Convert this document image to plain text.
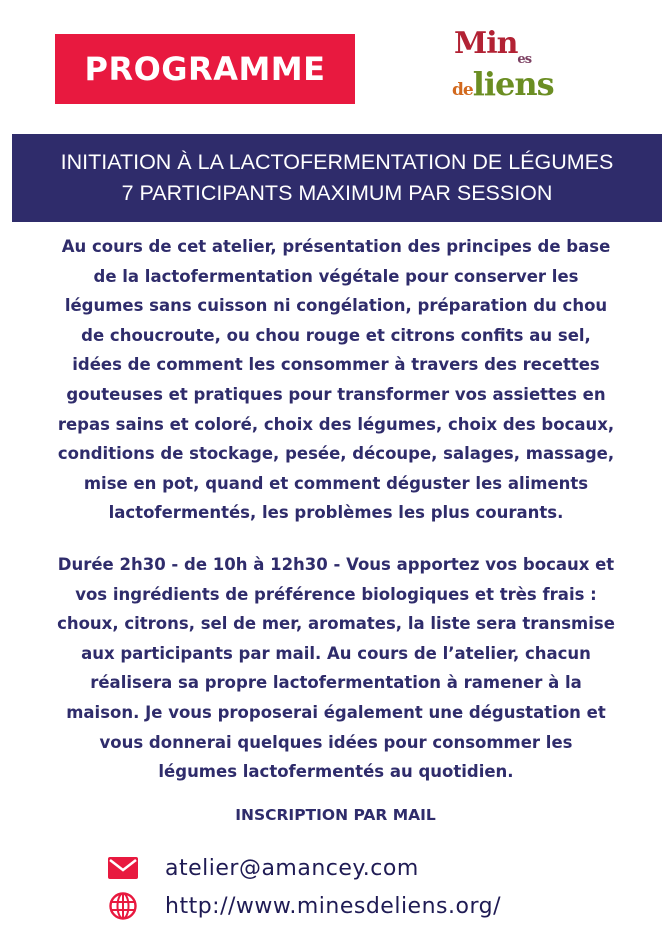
PROGRAMME
Min$_{es}$
deliens
INITIATION À LA LACTOFERMENTATION DE LÉGUMES
7 PARTICIPANTS MAXIMUM PAR SESSION
Au cours de cet atelier, présentation des principes de base
de la lactofermentation végétale pour conserver les
légumes sans cuisson ni congélation, préparation du chou
de choucroute, ou chou rouge et citrons confits au sel,
idées de comment les consommer à travers des recettes
gouteuses et pratiques pour transformer vos assiettes en
repas sains et coloré, choix des légumes, choix des bocaux,
conditions de stockage, pesée, découpe, salages, massage,
mise en pot, quand et comment déguster les aliments
lactofermentés, les problèmes les plus courants.
Durée 2h30 - de 10h à 12h30 - Vous apportez vos bocaux et
vos ingrédients de préférence biologiques et très frais :
choux, citrons, sel de mer, aromates, la liste sera transmise
aux participants par mail. Au cours de l’atelier, chacun
réalisera sa propre lactofermentation à ramener à la
maison. Je vous proposerai également une dégustation et
vous donnerai quelques idées pour consommer les
légumes lactofermentés au quotidien.
INSCRIPTION PAR MAIL
atelier@amancey.com
http://www.minesdeliens.org/
